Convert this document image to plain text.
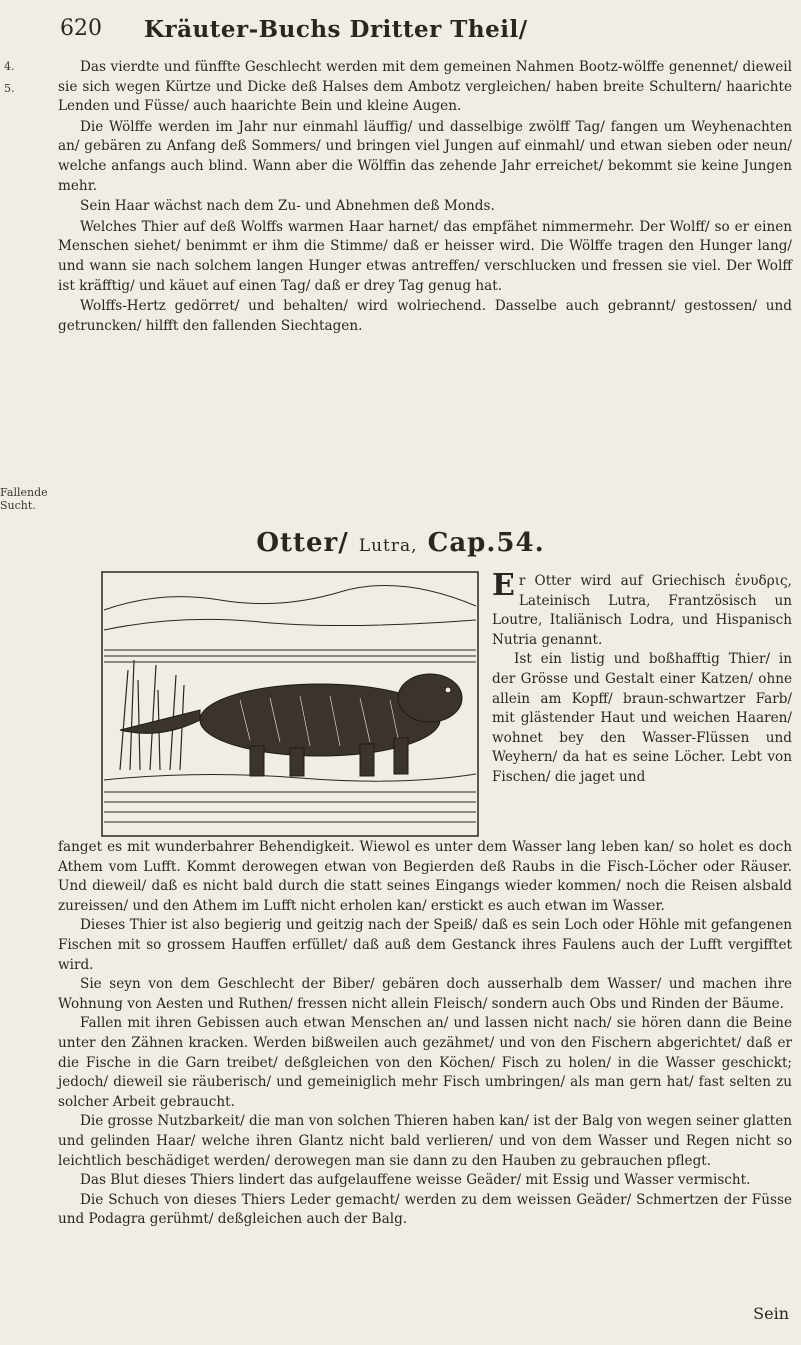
620 Kräuter-Buchs Dritter Theil/
4.
5.
Fallende Sucht.

Das vierdte und fünffte Geschlecht werden mit dem gemeinen Nahmen Bootz-wölffe genennet/ dieweil sie sich wegen Kürtze und Dicke deß Halses dem Ambotz vergleichen/ haben breite Schultern/ haarichte Lenden und Füsse/ auch haarichte Bein und kleine Augen.

Die Wölffe werden im Jahr nur einmahl läuffig/ und dasselbige zwölff Tag/ fangen um Weyhenachten an/ gebären zu Anfang deß Sommers/ und bringen viel Jungen auf einmahl/ und etwan sieben oder neun/ welche anfangs auch blind. Wann aber die Wölffin das zehende Jahr erreichet/ bekommt sie keine Jungen mehr.

Sein Haar wächst nach dem Zu- und Abnehmen deß Monds.

Welches Thier auf deß Wolffs warmen Haar harnet/ das empfähet nimmermehr. Der Wolff/ so er einen Menschen siehet/ benimmt er ihm die Stimme/ daß er heisser wird. Die Wölffe tragen den Hunger lang/ und wann sie nach solchem langen Hunger etwas antreffen/ verschlucken und fressen sie viel. Der Wolff ist kräfftig/ und käuet auf einen Tag/ daß er drey Tag genug hat.

Wolffs-Hertz gedörret/ und behalten/ wird wolriechend. Dasselbe auch gebrannt/ gestossen/ und getruncken/ hilfft den fallenden Siechtagen.

Otter/ Lutra, Cap.54.

Er Otter wird auf Griechisch ἐνυδρις, Lateinisch Lutra, Frantzösisch un Loutre, Italiänisch Lodra, und Hispanisch Nutria genannt.

Ist ein listig und boßhafftig Thier/ in der Grösse und Gestalt einer Katzen/ ohne allein am Kopff/ braun-schwartzer Farb/ mit glästender Haut und weichen Haaren/ wohnet bey den Wasser-Flüssen und Weyhern/ da hat es seine Löcher. Lebt von Fischen/ die jaget und

fanget es mit wunderbahrer Behendigkeit. Wiewol es unter dem Wasser lang leben kan/ so holet es doch Athem vom Lufft. Kommt derowegen etwan von Begierden deß Raubs in die Fisch-Löcher oder Räuser. Und dieweil/ daß es nicht bald durch die statt seines Eingangs wieder kommen/ noch die Reisen alsbald zureissen/ und den Athem im Lufft nicht erholen kan/ erstickt es auch etwan im Wasser.

Dieses Thier ist also begierig und geitzig nach der Speiß/ daß es sein Loch oder Höhle mit gefangenen Fischen mit so grossem Hauffen erfüllet/ daß auß dem Gestanck ihres Faulens auch der Lufft vergifftet wird.

Sie seyn von dem Geschlecht der Biber/ gebären doch ausserhalb dem Wasser/ und machen ihre Wohnung von Aesten und Ruthen/ fressen nicht allein Fleisch/ sondern auch Obs und Rinden der Bäume.

Fallen mit ihren Gebissen auch etwan Menschen an/ und lassen nicht nach/ sie hören dann die Beine unter den Zähnen kracken. Werden bißweilen auch gezähmet/ und von den Fischern abgerichtet/ daß er die Fische in die Garn treibet/ deßgleichen von den Köchen/ Fisch zu holen/ in die Wasser geschickt; jedoch/ dieweil sie räuberisch/ und gemeiniglich mehr Fisch umbringen/ als man gern hat/ fast selten zu solcher Arbeit gebraucht.

Die grosse Nutzbarkeit/ die man von solchen Thieren haben kan/ ist der Balg von wegen seiner glatten und gelinden Haar/ welche ihren Glantz nicht bald verlieren/ und von dem Wasser und Regen nicht so leichtlich beschädiget werden/ derowegen man sie dann zu den Hauben zu gebrauchen pflegt.

Das Blut dieses Thiers lindert das aufgelauffene weisse Geäder/ mit Essig und Wasser vermischt.

Die Schuch von dieses Thiers Leder gemacht/ werden zu dem weissen Geäder/ Schmertzen der Füsse und Podagra gerühmt/ deßgleichen auch der Balg.

Sein
